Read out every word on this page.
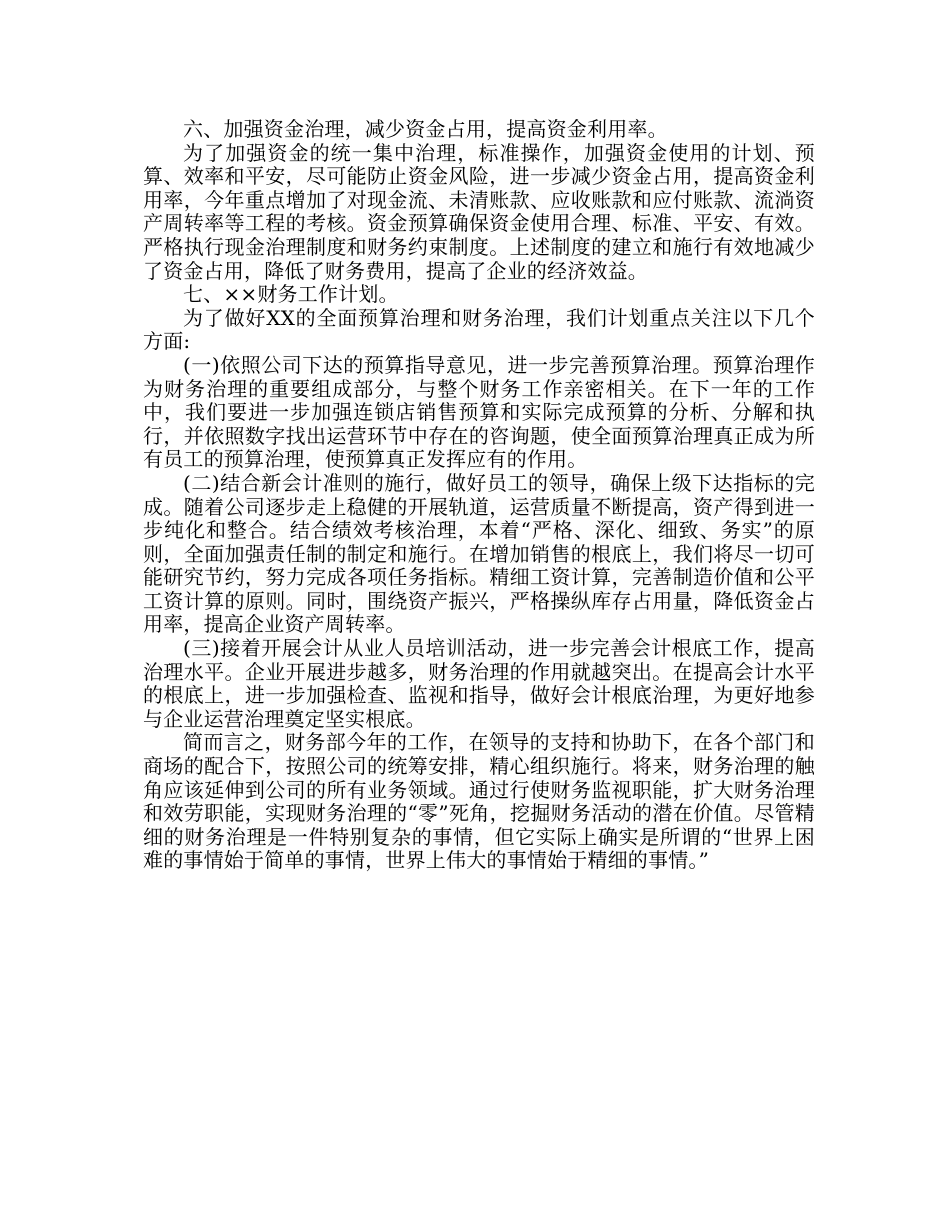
六、加强资金治理，减少资金占用，提高资金利用率。

为了加强资金的统一集中治理，标准操作，加强资金使用的计划、预算、效率和平安，尽可能防止资金风险，进一步减少资金占用，提高资金利用率，今年重点增加了对现金流、未清账款、应收账款和应付账款、流淌资产周转率等工程的考核。资金预算确保资金使用合理、标准、平安、有效。严格执行现金治理制度和财务约束制度。上述制度的建立和施行有效地减少了资金占用，降低了财务费用，提高了企业的经济效益。

七、××财务工作计划。

为了做好XX的全面预算治理和财务治理，我们计划重点关注以下几个方面:

(一)依照公司下达的预算指导意见，进一步完善预算治理。预算治理作为财务治理的重要组成部分，与整个财务工作亲密相关。在下一年的工作中，我们要进一步加强连锁店销售预算和实际完成预算的分析、分解和执行，并依照数字找出运营环节中存在的咨询题，使全面预算治理真正成为所有员工的预算治理，使预算真正发挥应有的作用。

(二)结合新会计准则的施行，做好员工的领导，确保上级下达指标的完成。随着公司逐步走上稳健的开展轨道，运营质量不断提高，资产得到进一步纯化和整合。结合绩效考核治理，本着“严格、深化、细致、务实”的原则，全面加强责任制的制定和施行。在增加销售的根底上，我们将尽一切可能研究节约，努力完成各项任务指标。精细工资计算，完善制造价值和公平工资计算的原则。同时，围绕资产振兴，严格操纵库存占用量，降低资金占用率，提高企业资产周转率。

(三)接着开展会计从业人员培训活动，进一步完善会计根底工作，提高治理水平。企业开展进步越多，财务治理的作用就越突出。在提高会计水平的根底上，进一步加强检查、监视和指导，做好会计根底治理，为更好地参与企业运营治理奠定坚实根底。

简而言之，财务部今年的工作，在领导的支持和协助下，在各个部门和商场的配合下，按照公司的统筹安排，精心组织施行。将来，财务治理的触角应该延伸到公司的所有业务领域。通过行使财务监视职能，扩大财务治理和效劳职能，实现财务治理的“零”死角，挖掘财务活动的潜在价值。尽管精细的财务治理是一件特别复杂的事情，但它实际上确实是所谓的“世界上困难的事情始于简单的事情，世界上伟大的事情始于精细的事情。”
